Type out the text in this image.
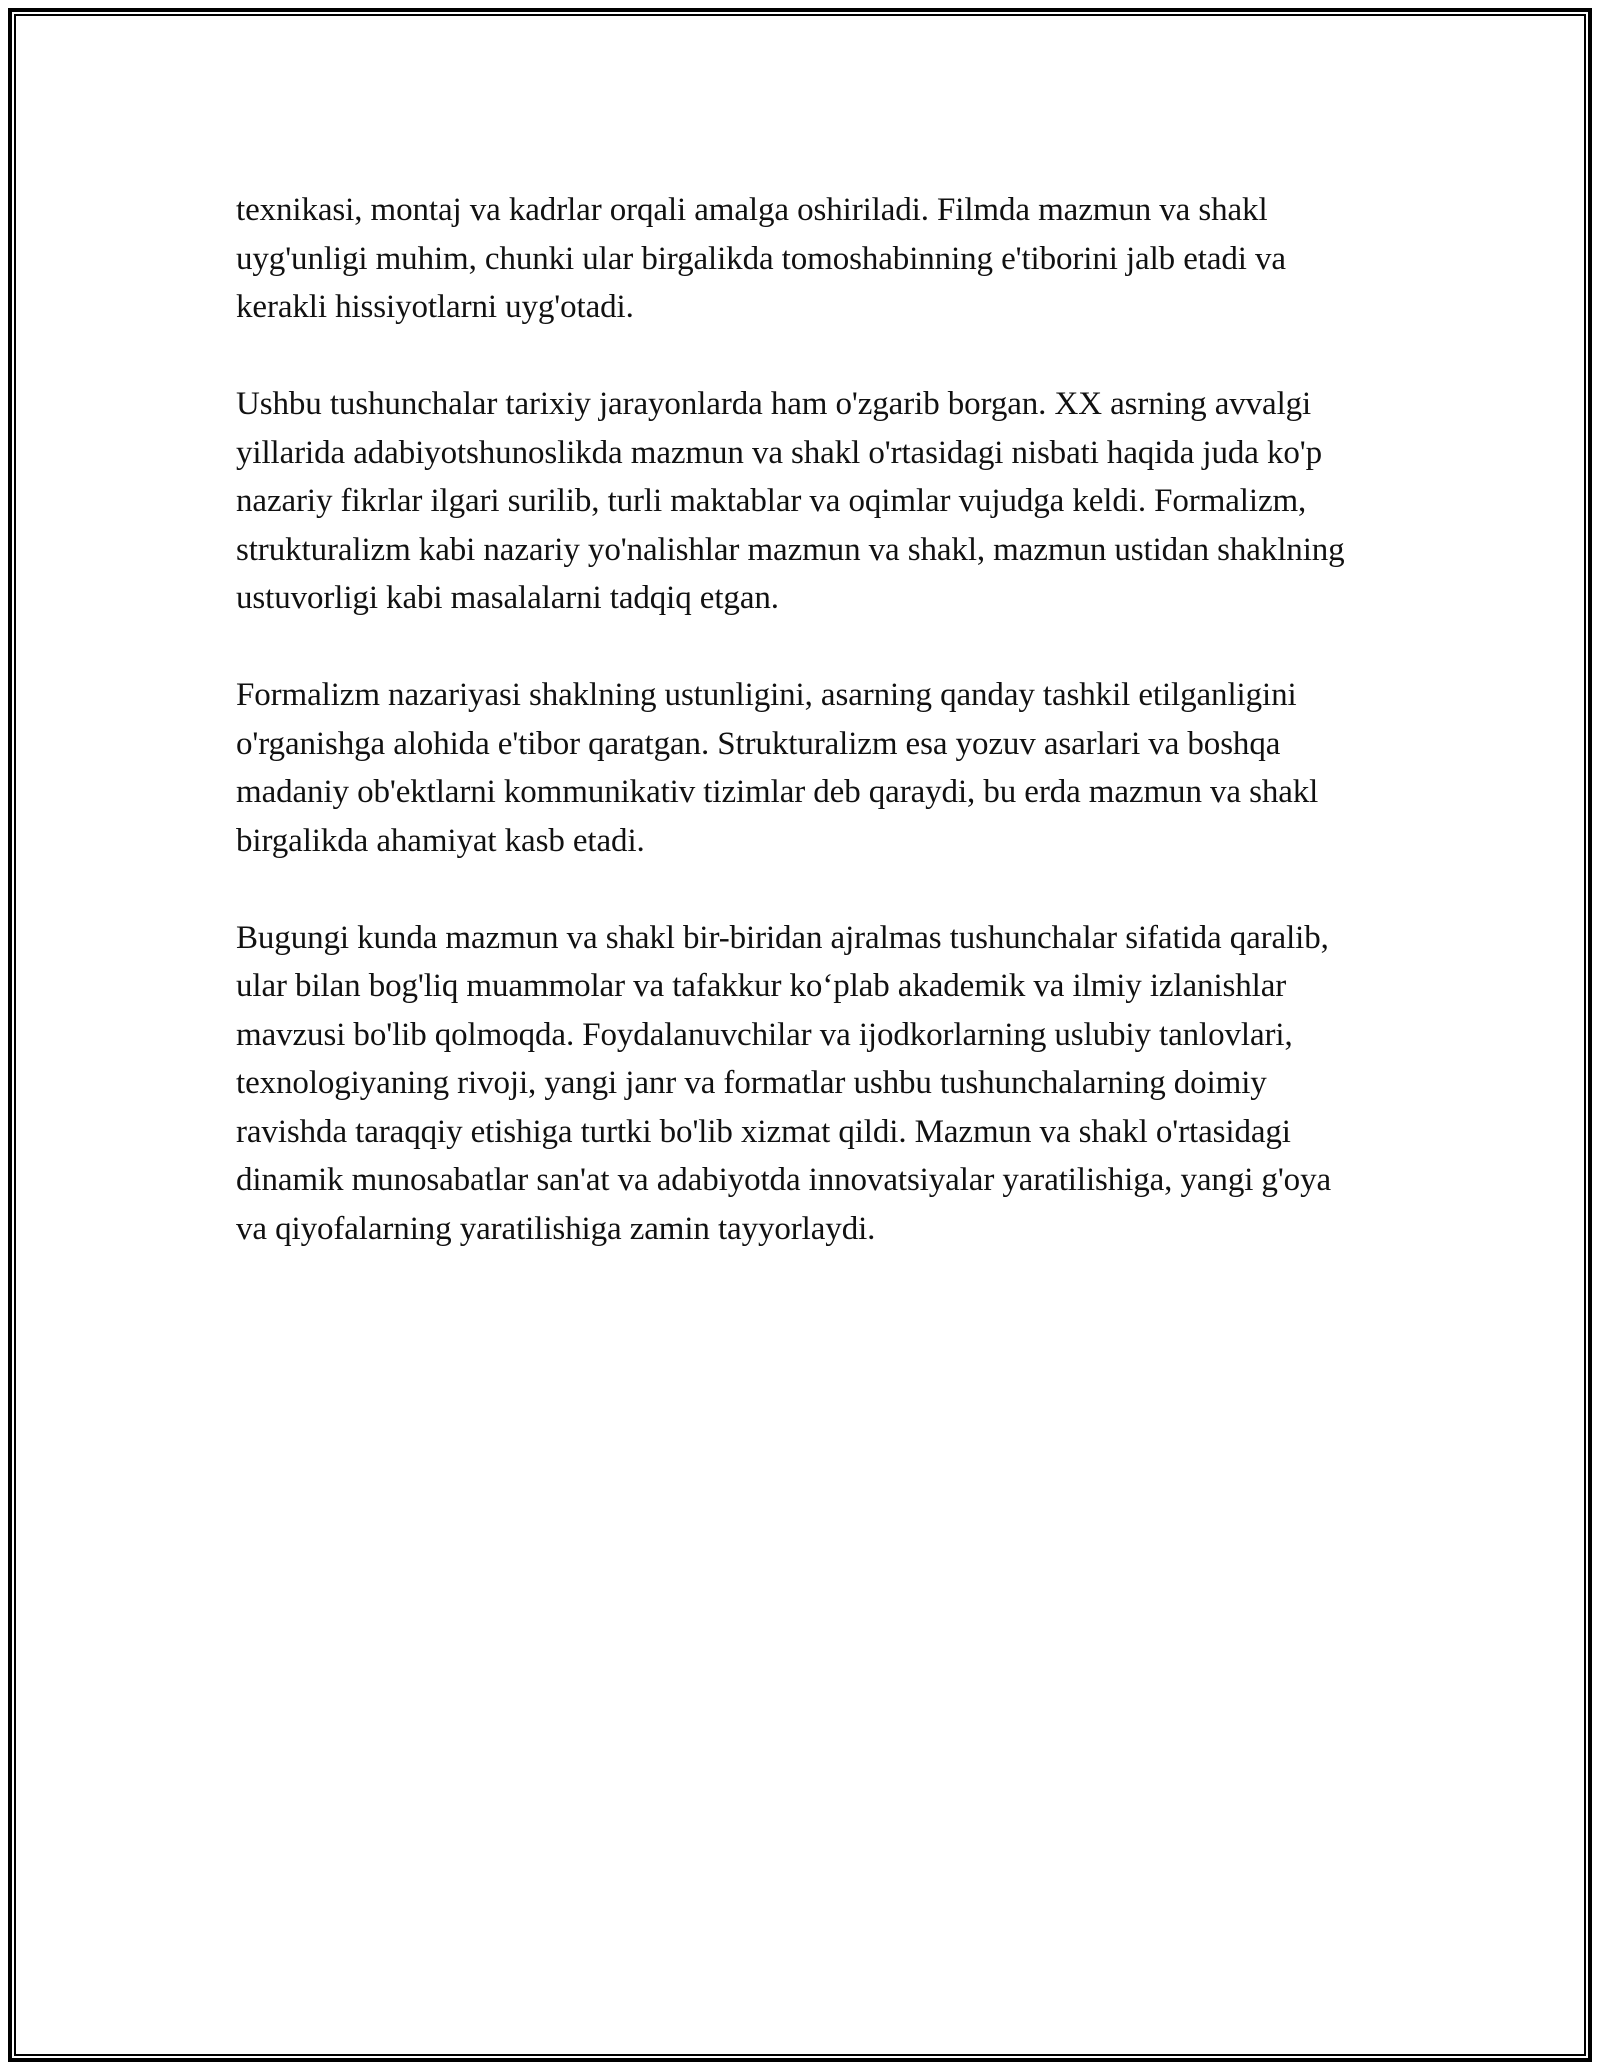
texnikasi, montaj va kadrlar orqali amalga oshiriladi. Filmda mazmun va shakl uyg'unligi muhim, chunki ular birgalikda tomoshabinning e'tiborini jalb etadi va kerakli hissiyotlarni uyg'otadi.

Ushbu tushunchalar tarixiy jarayonlarda ham o'zgarib borgan. XX asrning avvalgi yillarida adabiyotshunoslikda mazmun va shakl o'rtasidagi nisbati haqida juda ko'p nazariy fikrlar ilgari surilib, turli maktablar va oqimlar vujudga keldi. Formalizm, strukturalizm kabi nazariy yo'nalishlar mazmun va shakl, mazmun ustidan shaklning ustuvorligi kabi masalalarni tadqiq etgan.

Formalizm nazariyasi shaklning ustunligini, asarning qanday tashkil etilganligini o'rganishga alohida e'tibor qaratgan. Strukturalizm esa yozuv asarlari va boshqa madaniy ob'ektlarni kommunikativ tizimlar deb qaraydi, bu erda mazmun va shakl birgalikda ahamiyat kasb etadi.

Bugungi kunda mazmun va shakl bir-biridan ajralmas tushunchalar sifatida qaralib, ular bilan bog'liq muammolar va tafakkur ko‘plab akademik va ilmiy izlanishlar mavzusi bo'lib qolmoqda. Foydalanuvchilar va ijodkorlarning uslubiy tanlovlari, texnologiyaning rivoji, yangi janr va formatlar ushbu tushunchalarning doimiy ravishda taraqqiy etishiga turtki bo'lib xizmat qildi. Mazmun va shakl o'rtasidagi dinamik munosabatlar san'at va adabiyotda innovatsiyalar yaratilishiga, yangi g'oya va qiyofalarning yaratilishiga zamin tayyorlaydi.
